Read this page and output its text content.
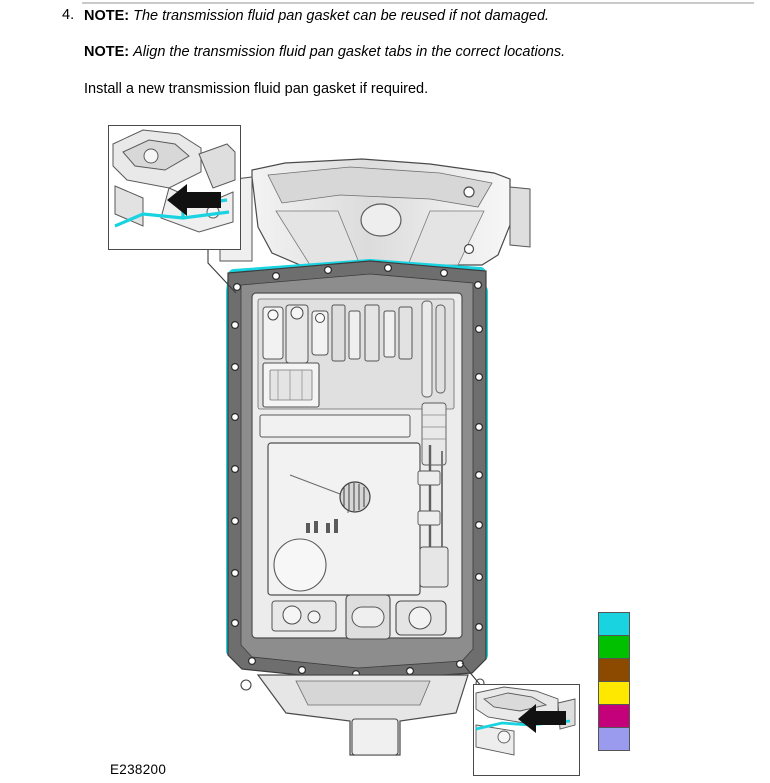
4. NOTE: The transmission fluid pan gasket can be reused if not damaged.
NOTE: Align the transmission fluid pan gasket tabs in the correct locations.
Install a new transmission fluid pan gasket if required.
E238200
